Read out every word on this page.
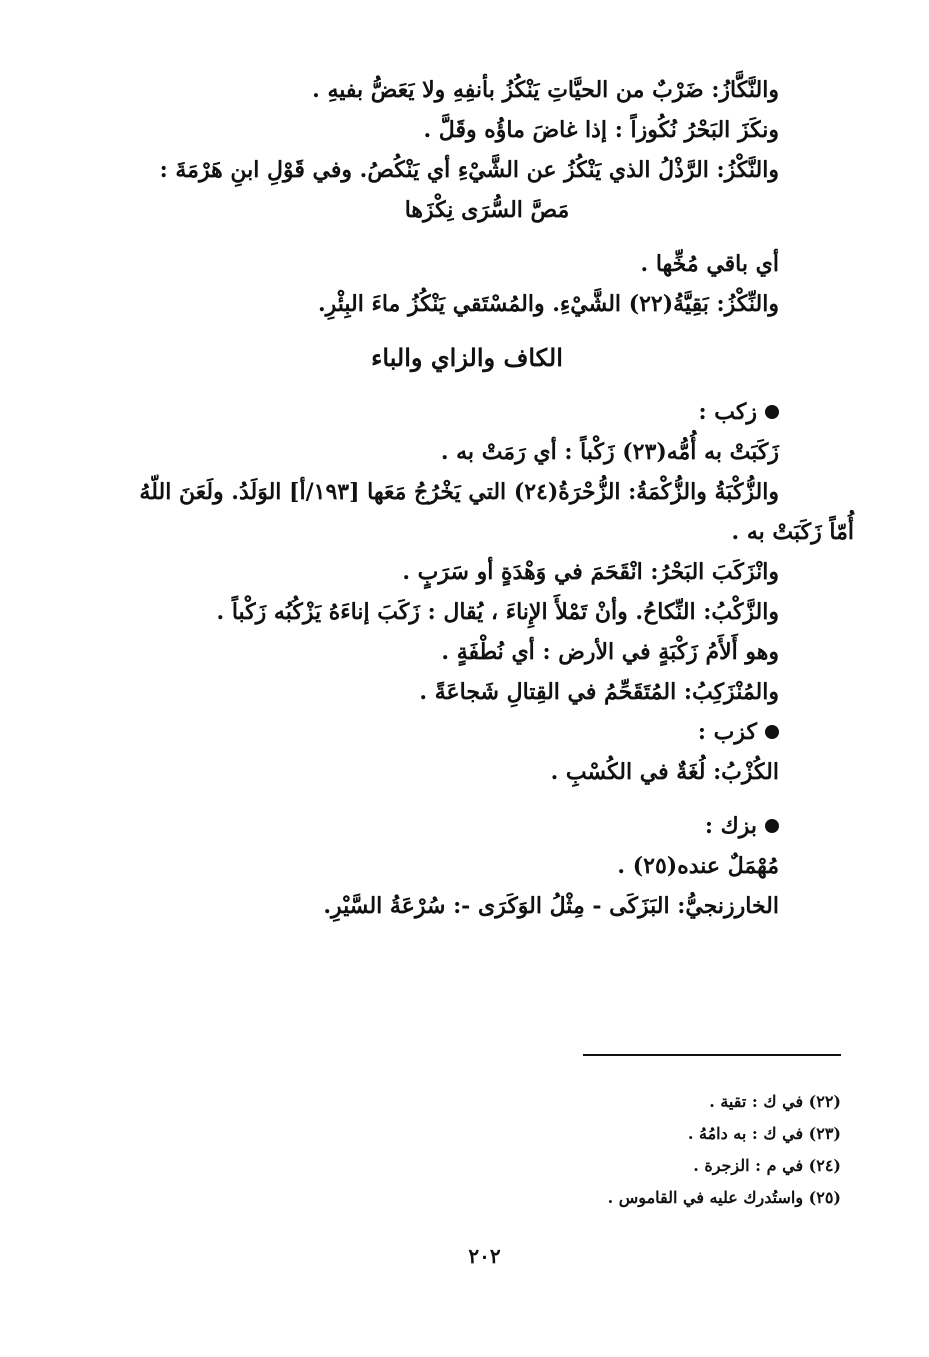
والنَّكَّازُ: ضَرْبٌ من الحيَّاتِ يَنْكُزُ بأنفِهِ ولا يَعَضُّ بفيهِ .
ونكَزَ البَحْرُ نُكُوزاً : إذا غاضَ ماؤُه وقَلَّ .
والنَّكْزُ: الرَّذْلُ الذي يَنْكُزُ عن الشَّيْءِ أي يَنْكُصُ. وفي قَوْلِ ابنِ هَرْمَةَ :
مَصَّ السُّرَى نِكْزَها
أي باقي مُخِّها .
والنِّكْزُ: بَقِيَّةُ(٢٢) الشَّيْءِ. والمُسْتَقي يَنْكُزُ ماءَ البِئْرِ.
الكاف والزاي والباء
زكب :
زَكَبَتْ به أُمُّه(٢٣) زَكْباً : أي رَمَتْ به .
والزُّكْبَةُ والزُّكْمَةُ: الزُّحْرَةُ(٢٤) التي يَخْرُجُ مَعَها [١٩٣/أ] الوَلَدُ. ولَعَنَ اللّهُ
أُمّاً زَكَبَتْ به .
وانْزَكَبَ البَحْرُ: انْقَحَمَ في وَهْدَةٍ أو سَرَبٍ .
والزَّكْبُ: النِّكاحُ. وأنْ تَمْلأَ الإِناءَ ، يُقال : زَكَبَ إناءَهُ يَزْكُبُه زَكْباً .
وهو أَلأَمُ زَكْبَةٍ في الأرض : أي نُطْفَةٍ .
والمُنْزَكِبُ: المُتَقَحِّمُ في القِتالِ شَجاعَةً .
كزب :
الكُزْبُ: لُغَةٌ في الكُسْبِ .
بزك :
مُهْمَلٌ عنده(٢٥) .
الخارزنجيُّ: البَزَكَى - مِثْلُ الوَكَرَى -: سُرْعَةُ السَّيْرِ.
(٢٢) في ك : تقية .
(٢٣) في ك : به دامُهُ .
(٢٤) في م : الزجرة .
(٢٥) واستُدرك عليه في القاموس .
٢٠٢
